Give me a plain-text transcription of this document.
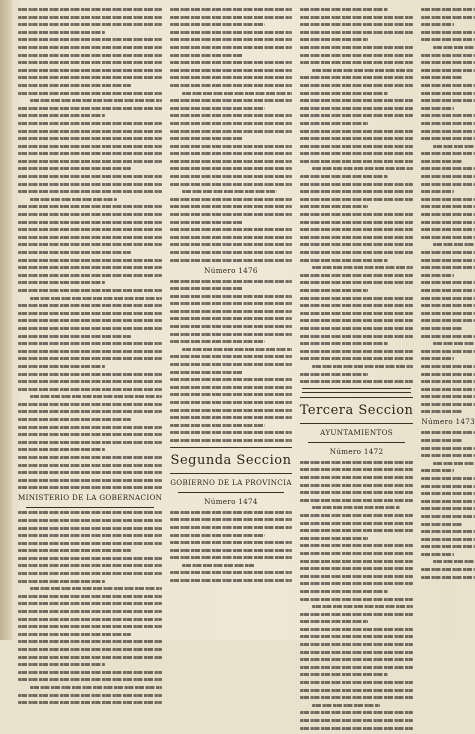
MINISTERIO DE LA GOBERNACION
Número 1476
Segunda Seccion
GOBIERNO DE LA PROVINCIA
Número 1474
Tercera Seccion
AYUNTAMIENTOS
Número 1472
Número 1473
